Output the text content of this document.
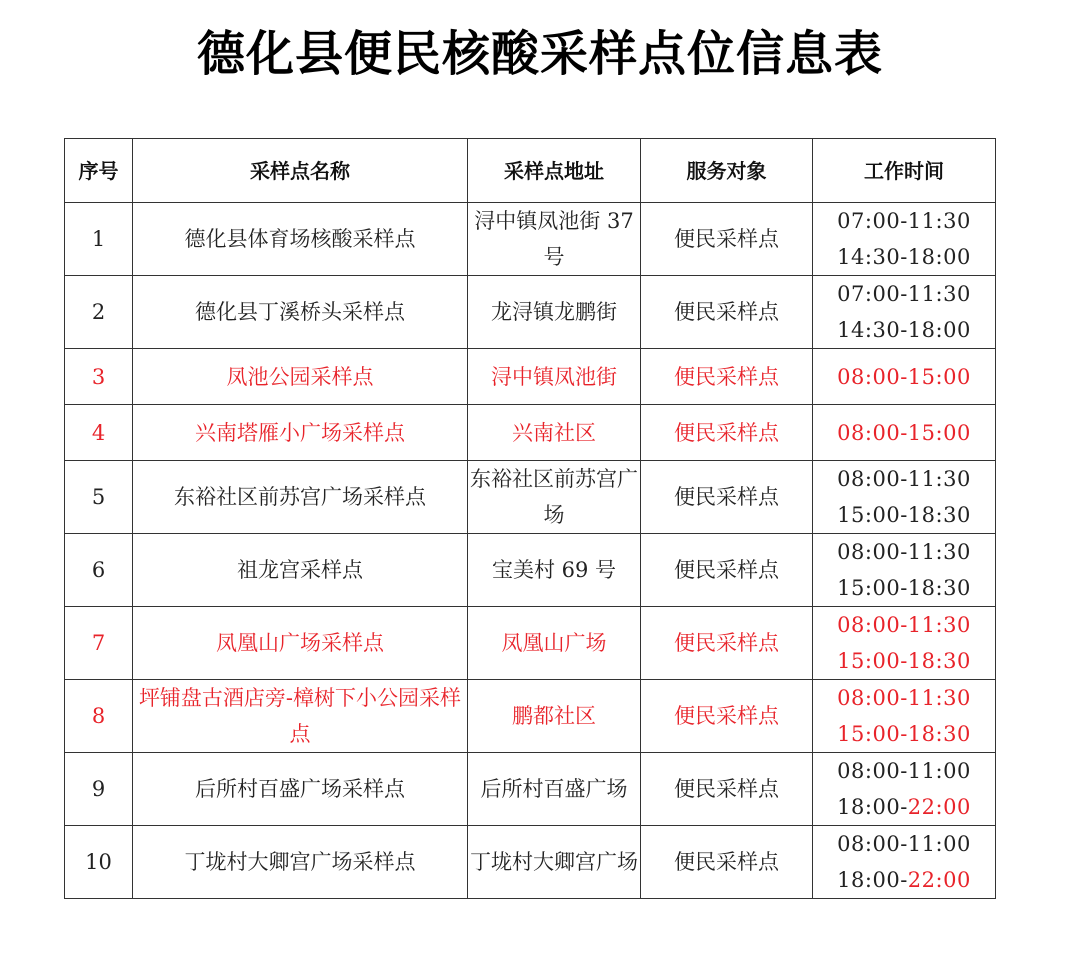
德化县便民核酸采样点位信息表
序号	采样点名称	采样点地址	服务对象	工作时间
1	德化县体育场核酸采样点	浔中镇凤池街 37 号	便民采样点	07:00-11:30
14:30-18:00

2	德化县丁溪桥头采样点	龙浔镇龙鹏街	便民采样点	07:00-11:30
14:30-18:00

3	凤池公园采样点	浔中镇凤池街	便民采样点	08:00-15:00

4	兴南塔雁小广场采样点	兴南社区	便民采样点	08:00-15:00

5	东裕社区前苏宫广场采样点	东裕社区前苏宫广场	便民采样点	08:00-11:30
15:00-18:30

6	祖龙宫采样点	宝美村 69 号	便民采样点	08:00-11:30
15:00-18:30

7	凤凰山广场采样点	凤凰山广场	便民采样点	08:00-11:30
15:00-18:30

8	坪铺盘古酒店旁-樟树下小公园采样点	鹏都社区	便民采样点	08:00-11:30
15:00-18:30

9	后所村百盛广场采样点	后所村百盛广场	便民采样点	08:00-11:00
18:00-22:00

10	丁垅村大卿宫广场采样点	丁垅村大卿宫广场	便民采样点	08:00-11:00
18:00-22:00
